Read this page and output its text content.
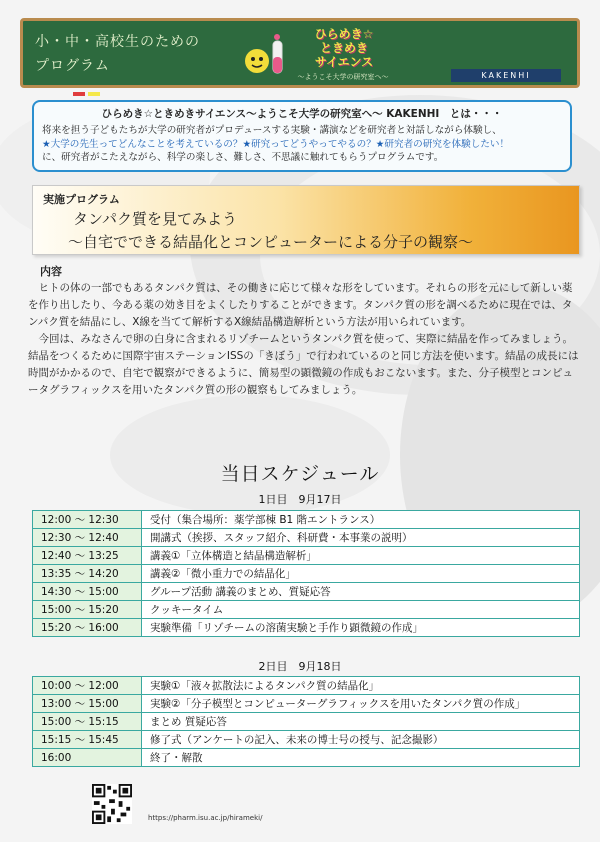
小・中・高校生のための
プログラム
ひらめき☆
ときめき
サイエンス
〜ようこそ大学の研究室へ〜	KAKENHI
ひらめき☆ときめきサイエンス〜ようこそ大学の研究室へ〜 KAKENHI　とは・・・
将来を担う子どもたちが大学の研究者がプロデュースする実験・講演などを研究者と対話しながら体験し、
★大学の先生ってどんなことを考えているの？★研究ってどうやってやるの？★研究者の研究を体験したい！
に、研究者がこたえながら、科学の楽しさ、難しさ、不思議に触れてもらうプログラムです。
実施プログラム
タンパク質を見てみよう
〜自宅でできる結晶化とコンピューターによる分子の観察〜
内容

ヒトの体の一部でもあるタンパク質は、その働きに応じて様々な形をしています。それらの形を元にして新しい薬を作り出したり、今ある薬の効き目をよくしたりすることができます。タンパク質の形を調べるために現在では、タンパク質を結晶にし、X線を当てて解析するX線結晶構造解析という方法が用いられています。

今回は、みなさんで卵の白身に含まれるリゾチームというタンパク質を使って、実際に結晶を作ってみましょう。結晶をつくるために国際宇宙ステーションISSの「きぼう」で行われているのと同じ方法を使います。結晶の成長には時間がかかるので、自宅で観察ができるように、簡易型の顕微鏡の作成もおこないます。また、分子模型とコンピュータグラフィックスを用いたタンパク質の形の観察もしてみましょう。

当日スケジュール
1日目　9月17日
12:00 〜 12:30	受付（集合場所：薬学部棟 B1 階エントランス）
12:30 〜 12:40	開講式（挨拶、スタッフ紹介、科研費・本事業の説明）
12:40 〜 13:25	講義①「立体構造と結晶構造解析」
13:35 〜 14:20	講義②「微小重力での結晶化」
14:30 〜 15:00	グループ活動 講義のまとめ、質疑応答
15:00 〜 15:20	クッキータイム
15:20 〜 16:00	実験準備「リゾチームの溶菌実験と手作り顕微鏡の作成」
2日目　9月18日
10:00 〜 12:00	実験①「液々拡散法によるタンパク質の結晶化」
13:00 〜 15:00	実験②「分子模型とコンピューターグラフィックスを用いたタンパク質の作成」
15:00 〜 15:15	まとめ 質疑応答
15:15 〜 15:45	修了式（アンケートの記入、未来の博士号の授与、記念撮影）
16:00	終了・解散
https://pharm.isu.ac.jp/hirameki/
